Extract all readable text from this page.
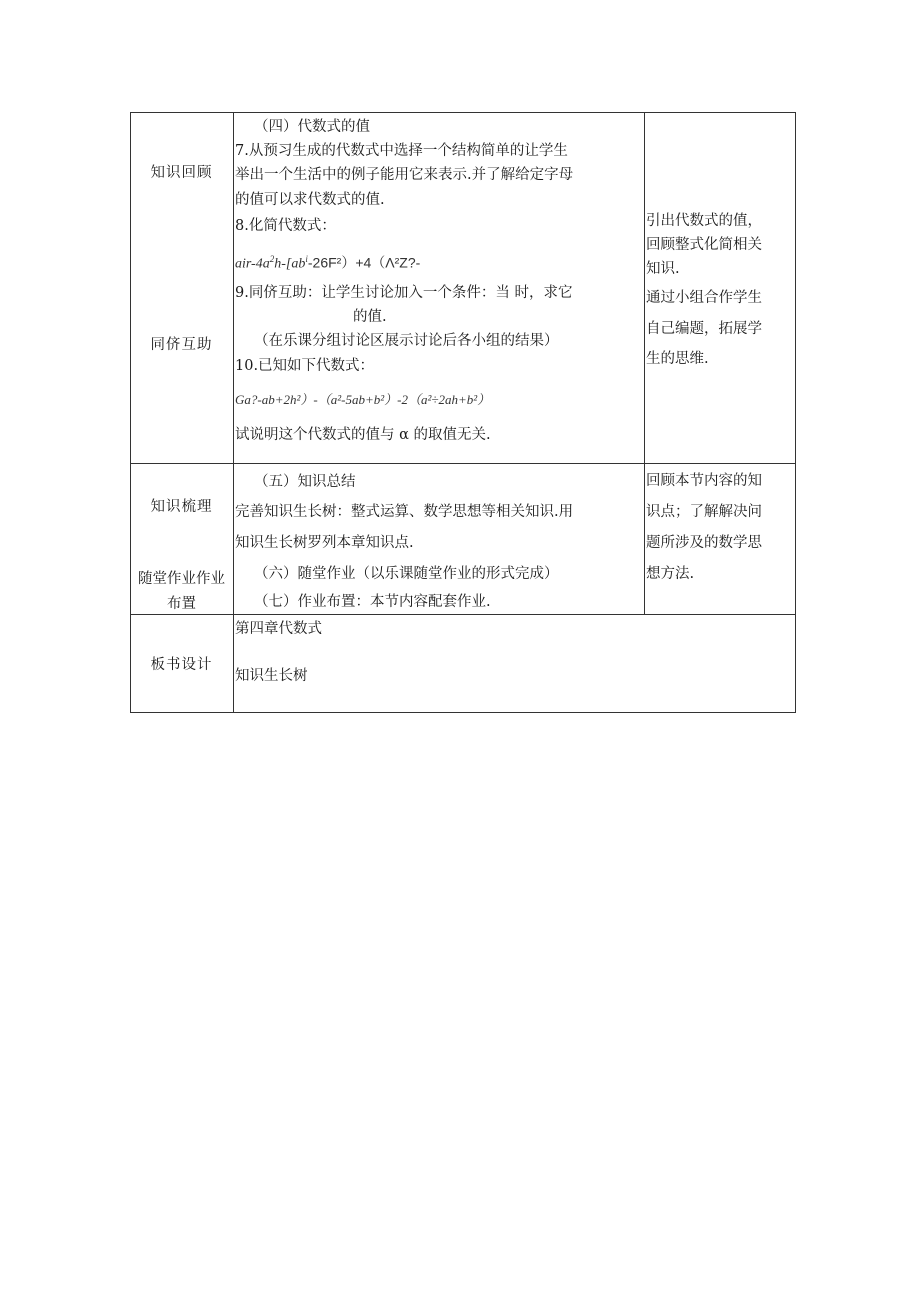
知识回顾
同侪互助
知识梳理
随堂作业作业
布置
板书设计
（四）代数式的值
7.从预习生成的代数式中选择一个结构简单的让学生
举出一个生活中的例子能用它来表示.并了解给定字母
的值可以求代数式的值.
8.化简代数式：
air-$4a^2h-[ab^i-26F^2)+4(\Lambda^2Z?-$
9.同侪互助：让学生讨论加入一个条件：当 时，求它
的值.
（在乐课分组讨论区展示讨论后各小组的结果）
10.已知如下代数式：
Ga?-ab+2h²）-（a²-5ab+b²）-2（a²÷2ah+b²）
试说明这个代数式的值与 α 的取值无关.
引出代数式的值，
回顾整式化简相关
知识.
通过小组合作学生
自己编题，拓展学
生的思维.
（五）知识总结
完善知识生长树：整式运算、数学思想等相关知识.用
知识生长树罗列本章知识点.
（六）随堂作业（以乐课随堂作业的形式完成）
（七）作业布置：本节内容配套作业.
回顾本节内容的知
识点；了解解决问
题所涉及的数学思
想方法.
第四章代数式
知识生长树
